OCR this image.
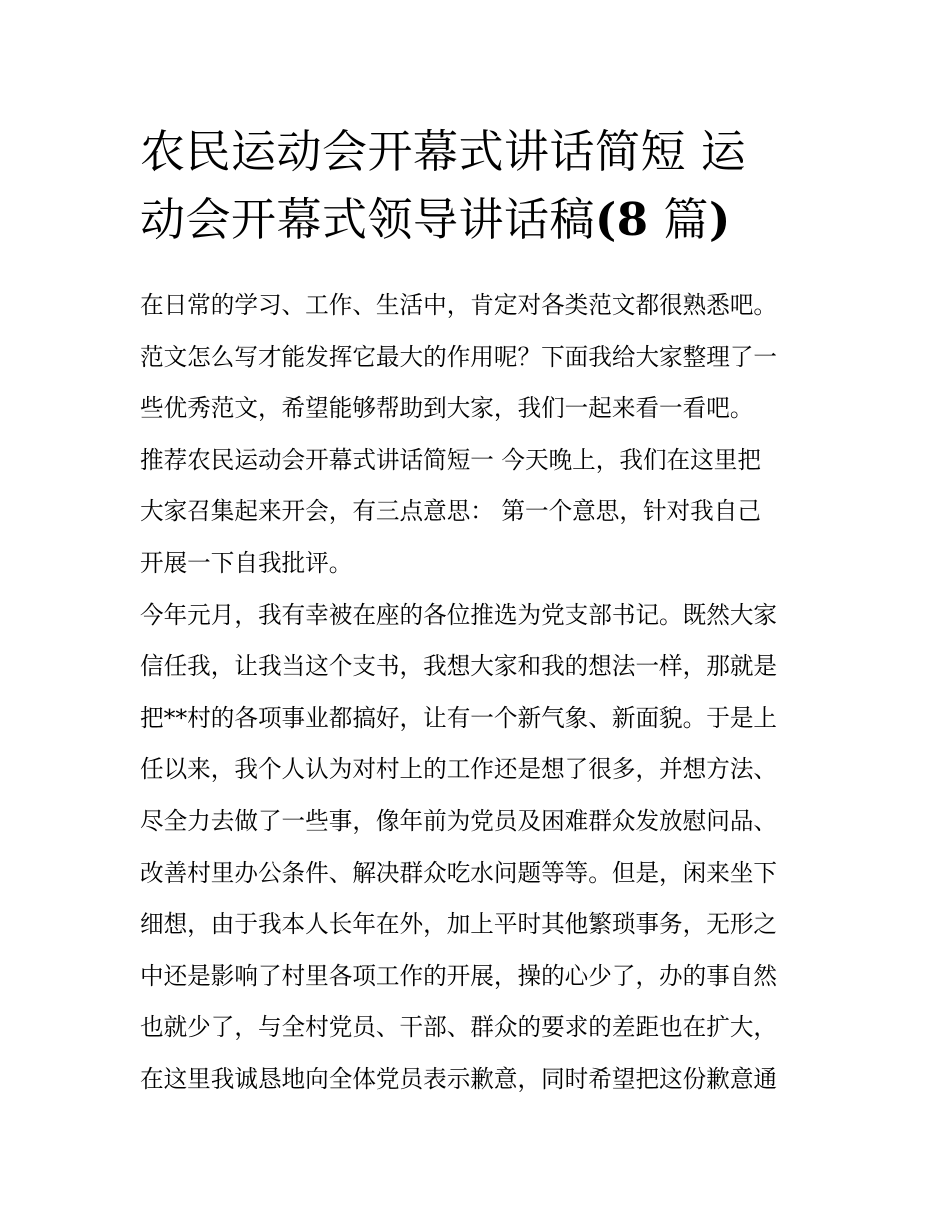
农民运动会开幕式讲话简短 运
动会开幕式领导讲话稿(8 篇)
在日常的学习、工作、生活中，肯定对各类范文都很熟悉吧。
范文怎么写才能发挥它最大的作用呢？下面我给大家整理了一
些优秀范文，希望能够帮助到大家，我们一起来看一看吧。
推荐农民运动会开幕式讲话简短一 今天晚上，我们在这里把
大家召集起来开会，有三点意思： 第一个意思，针对我自己
开展一下自我批评。
今年元月，我有幸被在座的各位推选为党支部书记。既然大家
信任我，让我当这个支书，我想大家和我的想法一样，那就是
把**村的各项事业都搞好，让有一个新气象、新面貌。于是上
任以来，我个人认为对村上的工作还是想了很多，并想方法、
尽全力去做了一些事，像年前为党员及困难群众发放慰问品、
改善村里办公条件、解决群众吃水问题等等。但是，闲来坐下
细想，由于我本人长年在外，加上平时其他繁琐事务，无形之
中还是影响了村里各项工作的开展，操的心少了，办的事自然
也就少了，与全村党员、干部、群众的要求的差距也在扩大，
在这里我诚恳地向全体党员表示歉意，同时希望把这份歉意通
